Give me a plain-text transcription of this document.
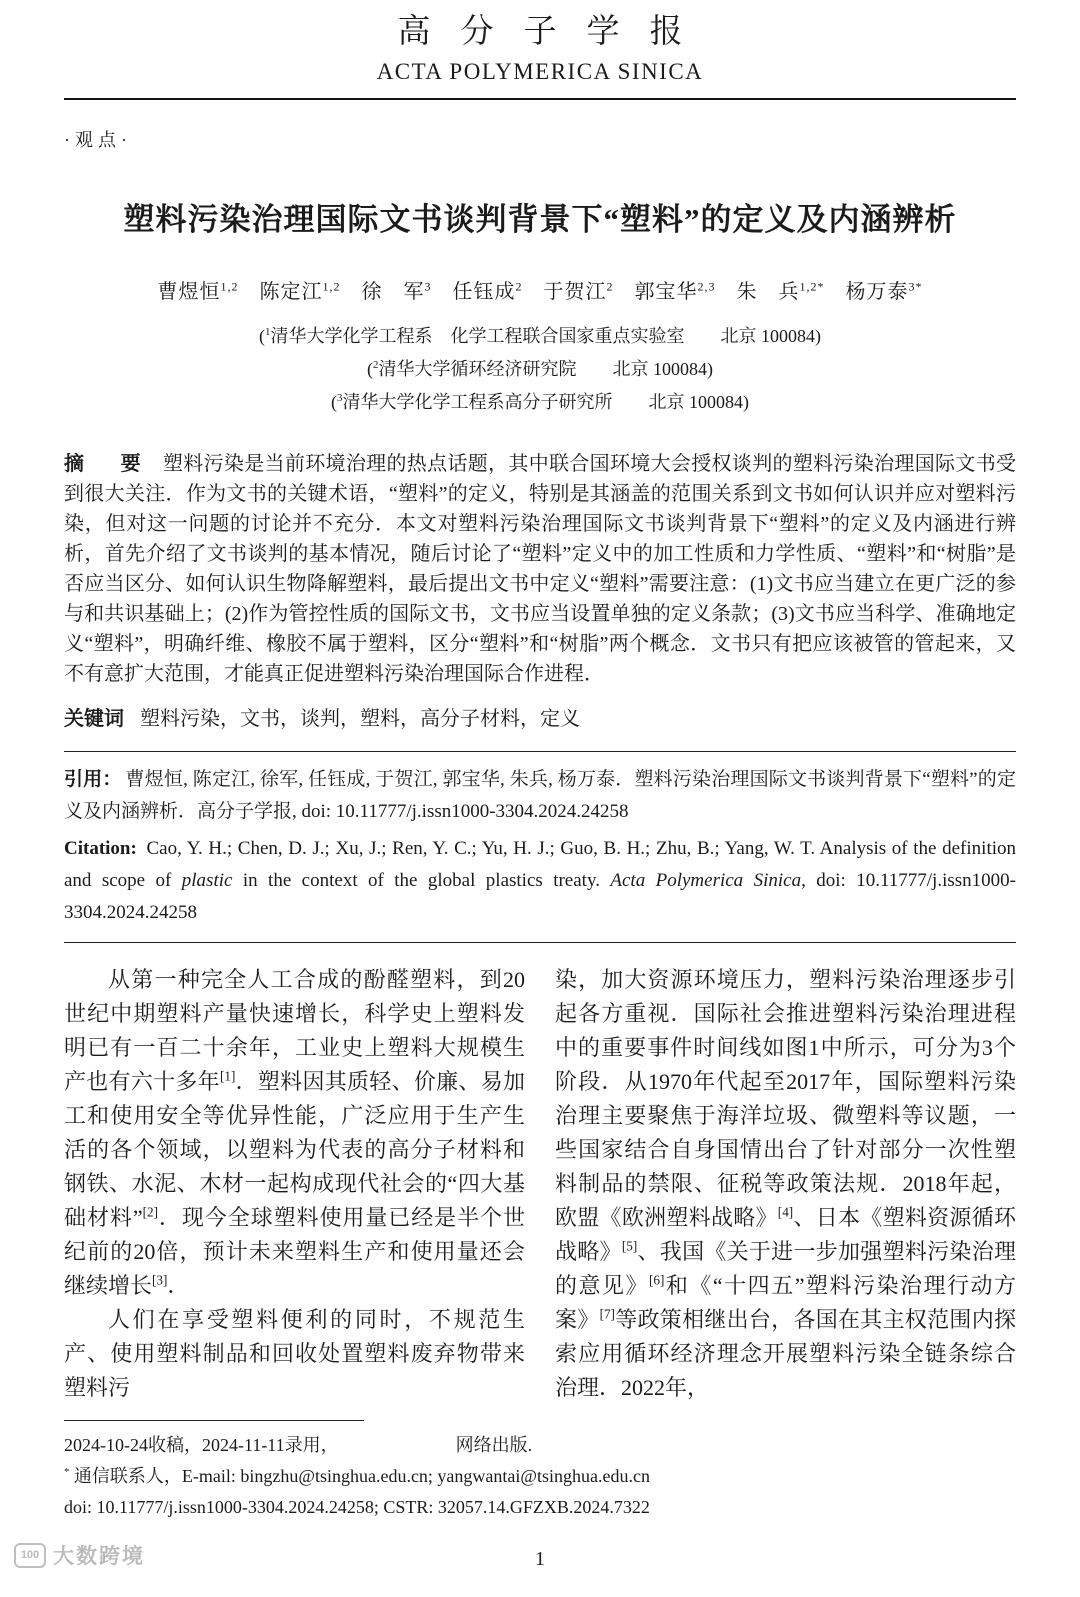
高分子学报
ACTA POLYMERICA SINICA
·观点·
塑料污染治理国际文书谈判背景下“塑料”的定义及内涵辨析
曹煜恒$^{1,2}$　陈定江$^{1,2}$　徐　军$^3$　任钰成$^2$　于贺江$^2$　郭宝华$^{2,3}$　朱　兵$^{1,2*}$　杨万泰$^{3*}$
($^1$清华大学化学工程系　化学工程联合国家重点实验室　　北京 100084)
($^2$清华大学循环经济研究院　　北京 100084)
($^3$清华大学化学工程系高分子研究所　　北京 100084)
摘　要 塑料污染是当前环境治理的热点话题，其中联合国环境大会授权谈判的塑料污染治理国际文书受到很大关注．作为文书的关键术语，“塑料”的定义，特别是其涵盖的范围关系到文书如何认识并应对塑料污染，但对这一问题的讨论并不充分．本文对塑料污染治理国际文书谈判背景下“塑料”的定义及内涵进行辨析，首先介绍了文书谈判的基本情况，随后讨论了“塑料”定义中的加工性质和力学性质、“塑料”和“树脂”是否应当区分、如何认识生物降解塑料，最后提出文书中定义“塑料”需要注意：(1)文书应当建立在更广泛的参与和共识基础上；(2)作为管控性质的国际文书，文书应当设置单独的定义条款；(3)文书应当科学、准确地定义“塑料”，明确纤维、橡胶不属于塑料，区分“塑料”和“树脂”两个概念．文书只有把应该被管的管起来，又不有意扩大范围，才能真正促进塑料污染治理国际合作进程．
关键词 塑料污染，文书，谈判，塑料，高分子材料，定义

引用： 曹煜恒, 陈定江, 徐军, 任钰成, 于贺江, 郭宝华, 朱兵, 杨万泰．塑料污染治理国际文书谈判背景下“塑料”的定义及内涵辨析．高分子学报, doi: 10.11777/j.issn1000-3304.2024.24258

Citation: Cao, Y. H.; Chen, D. J.; Xu, J.; Ren, Y. C.; Yu, H. J.; Guo, B. H.; Zhu, B.; Yang, W. T. Analysis of the definition and scope of plastic in the context of the global plastics treaty. Acta Polymerica Sinica, doi: 10.11777/j.issn1000-3304.2024.24258

从第一种完全人工合成的酚醛塑料，到20世纪中期塑料产量快速增长，科学史上塑料发明已有一百二十余年，工业史上塑料大规模生产也有六十多年[1]．塑料因其质轻、价廉、易加工和使用安全等优异性能，广泛应用于生产生活的各个领域，以塑料为代表的高分子材料和钢铁、水泥、木材一起构成现代社会的“四大基础材料”[2]．现今全球塑料使用量已经是半个世纪前的20倍，预计未来塑料生产和使用量还会继续增长[3]．

人们在享受塑料便利的同时，不规范生产、使用塑料制品和回收处置塑料废弃物带来塑料污

染，加大资源环境压力，塑料污染治理逐步引起各方重视．国际社会推进塑料污染治理进程中的重要事件时间线如图1中所示，可分为3个阶段．从1970年代起至2017年，国际塑料污染治理主要聚焦于海洋垃圾、微塑料等议题，一些国家结合自身国情出台了针对部分一次性塑料制品的禁限、征税等政策法规．2018年起，欧盟《欧洲塑料战略》[4]、日本《塑料资源循环战略》[5]、我国《关于进一步加强塑料污染治理的意见》[6]和《“十四五”塑料污染治理行动方案》[7]等政策相继出台，各国在其主权范围内探索应用循环经济理念开展塑料污染全链条综合治理．2022年，

2024-10-24收稿，2024-11-11录用，　　　　　　　网络出版.

* 通信联系人，E-mail: bingzhu@tsinghua.edu.cn; yangwantai@tsinghua.edu.cn

doi: 10.11777/j.issn1000-3304.2024.24258; CSTR: 32057.14.GFZXB.2024.7322

1
100 大数跨境
